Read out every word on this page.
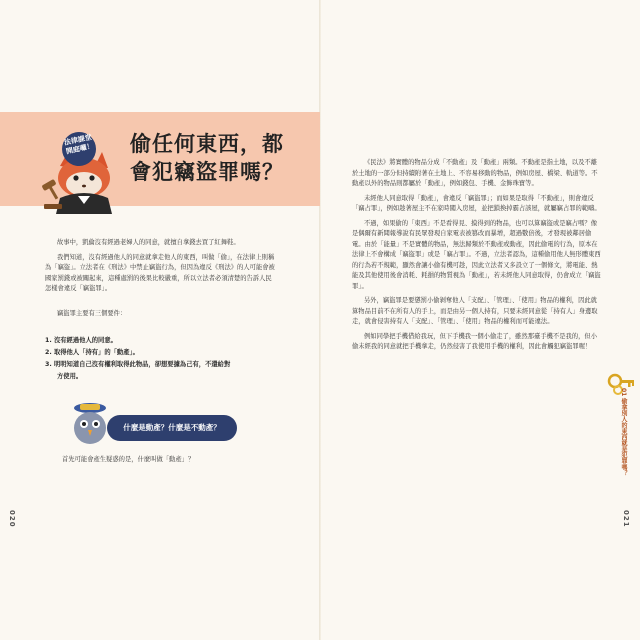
偷任何東西，都
會犯竊盜罪嗎？
法律課堂開庭囉！

故事中，凱倫沒有經過老婦人的同意，就擅自拿錢去買了紅舞鞋。

我們知道，沒有經過他人的同意就拿走他人的東西，叫做「偷」，在法律上則稱為「竊盜」。立法者在《刑法》中禁止竊盜行為，但因為違反《刑法》的人可能會被國家罰錢或被關起來，這種處罰的後果比較嚴重，所以立法者必須清楚的告訴人民怎樣會違反「竊盜罪」。

竊盜罪主要有三個要件：

1. 沒有經過他人的同意。
2. 取得他人「持有」的「動產」。
3. 明明知道自己沒有權利取得此物品，卻想要據為己有，不還給對
方使用。
什麼是動產？什麼是不動產？
首先可能會產生疑惑的是，什麼叫做「動產」？
020

《民法》將實體的物品分成「不動產」及「動產」兩類。不動產是指土地，以及不離於土地的一部分但持續附著在土地上、不容易移動的物品，例如房屋、橋梁、軌道等。不動產以外的物品則都屬於「動產」，例如錢包、手機、金飾珠寶等。

未經他人同意取得「動產」，會違反「竊盜罪」；而如果是取得「不動產」，則會違反「竊占罪」，例如趁著屋主不在家時闖入房屋，並把鎖換掉霸占該屋，就屬竊占罪的範疇。

不過，如果偷的「東西」不是看得見、摸得到的物品，也可以算竊盜或是竊占嗎？像是偶爾有新聞報導說有民眾發現自家電表被篡改而暴增，超過數倍後，才發現被鄰居偷電。由於「能量」不是實體的物品，無法歸類於不動產或動產，因此偷電的行為，原本在法律上不會構成「竊盜罪」或是「竊占罪」。不過，立法者認為，這種偷用他人無形體東西的行為若不規範，顯然會讓小偷有機可趁，因此立法者又多設立了一個條文，將電能、熱能及其他使用後會消耗、耗損的物質視為「動產」，若未經他人同意取得，仍會成立「竊盜罪」。

另外，竊盜罪是要懲罰小偷剝奪他人「支配」、「管理」、「使用」物品的權利，因此就算物品目前不在所有人的手上，而是由另一個人持有，只要未經同意從「持有人」身邊取走，就會侵害持有人「支配」、「管理」、「使用」物品的權利而可能違法。

例如同學把手機借給我玩，但下手機我一個小偷走了，雖然那臺手機不是我的，但小偷未經我的同意就把手機拿走，仍然侵害了我使用手機的權利，因此會觸犯竊盜罪喔！

01 偷拿別人的東西就是犯罪嗎？
021
